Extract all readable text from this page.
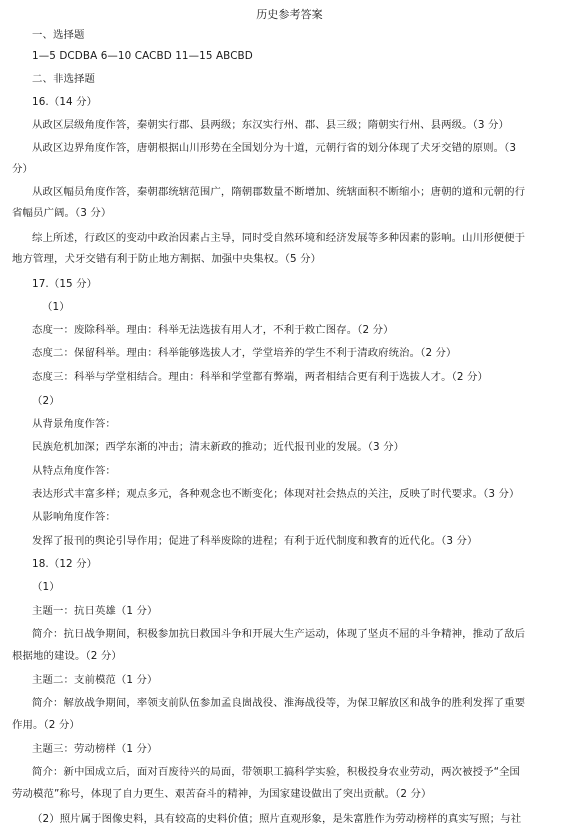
历史参考答案
一、选择题
1—5 DCDBA 6—10 CACBD 11—15 ABCBD
二、非选择题
16.（14 分）
从政区层级角度作答，秦朝实行郡、县两级；东汉实行州、郡、县三级；隋朝实行州、县两级。（3 分）
从政区边界角度作答，唐朝根据山川形势在全国划分为十道，元朝行省的划分体现了犬牙交错的原则。（3
分）
从政区幅员角度作答，秦朝郡统辖范围广，隋朝郡数量不断增加、统辖面积不断缩小；唐朝的道和元朝的行
省幅员广阔。（3 分）
综上所述，行政区的变动中政治因素占主导，同时受自然环境和经济发展等多种因素的影响。山川形便便于
地方管理，犬牙交错有利于防止地方割据、加强中央集权。（5 分）
17.（15 分）
（1）
态度一：废除科举。理由：科举无法选拔有用人才，不利于救亡图存。（2 分）
态度二：保留科举。理由：科举能够选拔人才，学堂培养的学生不利于清政府统治。（2 分）
态度三：科举与学堂相结合。理由：科举和学堂都有弊端，两者相结合更有利于选拔人才。（2 分）
（2）
从背景角度作答：
民族危机加深；西学东渐的冲击；清末新政的推动；近代报刊业的发展。（3 分）
从特点角度作答：
表达形式丰富多样；观点多元，各种观念也不断变化；体现对社会热点的关注，反映了时代要求。（3 分）
从影响角度作答：
发挥了报刊的舆论引导作用；促进了科举废除的进程；有利于近代制度和教育的近代化。（3 分）
18.（12 分）
（1）
主题一：抗日英雄（1 分）
简介：抗日战争期间，积极参加抗日救国斗争和开展大生产运动，体现了坚贞不屈的斗争精神，推动了敌后
根据地的建设。（2 分）
主题二：支前模范（1 分）
简介：解放战争期间，率领支前队伍参加孟良崮战役、淮海战役等，为保卫解放区和战争的胜利发挥了重要
作用。（2 分）
主题三：劳动榜样（1 分）
简介：新中国成立后，面对百废待兴的局面，带领职工搞科学实验，积极投身农业劳动，两次被授予“全国
劳动模范”称号，体现了自力更生、艰苦奋斗的精神，为国家建设做出了突出贡献。（2 分）
（2）照片属于图像史料，具有较高的史料价值；照片直观形象，是朱富胜作为劳动榜样的真实写照；与社
